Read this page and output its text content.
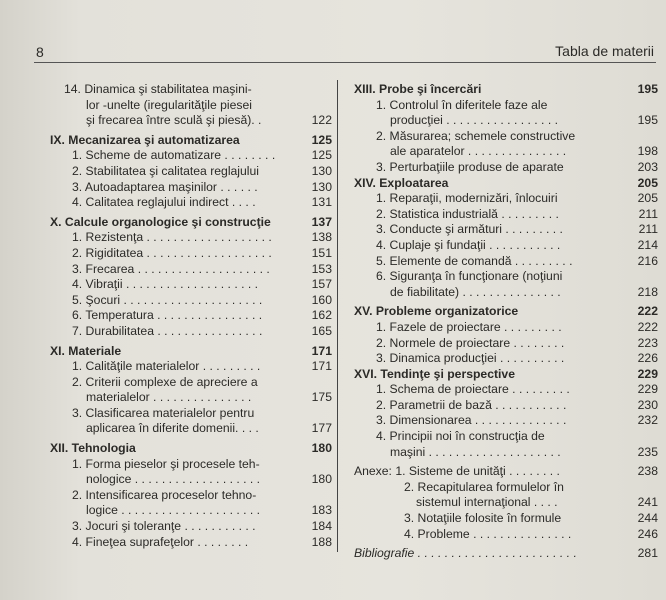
8	Tabla de materii
14. Dinamica şi stabilitatea maşini-
lor -unelte (iregularităţile piesei
şi frecarea între sculă şi piesă). .	122
IX. Mecanizarea şi automatizarea	125
1. Scheme de automatizare . . . . . . . .	125
2. Stabilitatea şi calitatea reglajului	130
3. Autoadaptarea maşinilor . . . . . .	130
4. Calitatea reglajului indirect . . . .	131
X. Calcule organologice şi construcţie	137
1. Rezistenţa . . . . . . . . . . . . . . . . . . .	138
2. Rigiditatea . . . . . . . . . . . . . . . . . . .	151
3. Frecarea . . . . . . . . . . . . . . . . . . . .	153
4. Vibraţii . . . . . . . . . . . . . . . . . . . .	157
5. Şocuri . . . . . . . . . . . . . . . . . . . . .	160
6. Temperatura . . . . . . . . . . . . . . . .	162
7. Durabilitatea . . . . . . . . . . . . . . . .	165
XI. Materiale	171
1. Calităţile materialelor . . . . . . . . .	171
2. Criterii complexe de apreciere a
materialelor . . . . . . . . . . . . . . .	175
3. Clasificarea materialelor pentru
aplicarea în diferite domenii. . . .	177
XII. Tehnologia	180
1. Forma pieselor şi procesele teh-
nologice . . . . . . . . . . . . . . . . . . .	180
2. Intensificarea proceselor tehno-
logice . . . . . . . . . . . . . . . . . . . . .	183
3. Jocuri şi toleranţe . . . . . . . . . . .	184
4. Fineţea suprafeţelor . . . . . . . .	188
XIII. Probe şi încercări	195
1. Controlul în diferitele faze ale
producţiei . . . . . . . . . . . . . . . . .	195
2. Măsurarea; schemele constructive
ale aparatelor . . . . . . . . . . . . . . .	198
3. Perturbaţiile produse de aparate	203
XIV. Exploatarea	205
1. Reparaţii, modernizări, înlocuiri	205
2. Statistica industrială . . . . . . . . .	211
3. Conducte şi armături . . . . . . . . .	211
4. Cuplaje şi fundaţii . . . . . . . . . . .	214
5. Elemente de comandă . . . . . . . . .	216
6. Siguranţa în funcţionare (noţiuni
de fiabilitate) . . . . . . . . . . . . . . .	218
XV. Probleme organizatorice	222
1. Fazele de proiectare . . . . . . . . .	222
2. Normele de proiectare . . . . . . . .	223
3. Dinamica producţiei . . . . . . . . . .	226
XVI. Tendinţe şi perspective	229
1. Schema de proiectare . . . . . . . . .	229
2. Parametrii de bază . . . . . . . . . . .	230
3. Dimensionarea . . . . . . . . . . . . . .	232
4. Principii noi în construcţia de
maşini . . . . . . . . . . . . . . . . . . . .	235
Anexe: 1. Sisteme de unităţi . . . . . . . .	238
2. Recapitularea formulelor în
sistemul internaţional . . . .	241
3. Notaţiile folosite în formule	244
4. Probleme . . . . . . . . . . . . . . .	246
Bibliografie . . . . . . . . . . . . . . . . . . . . . . . .	281
